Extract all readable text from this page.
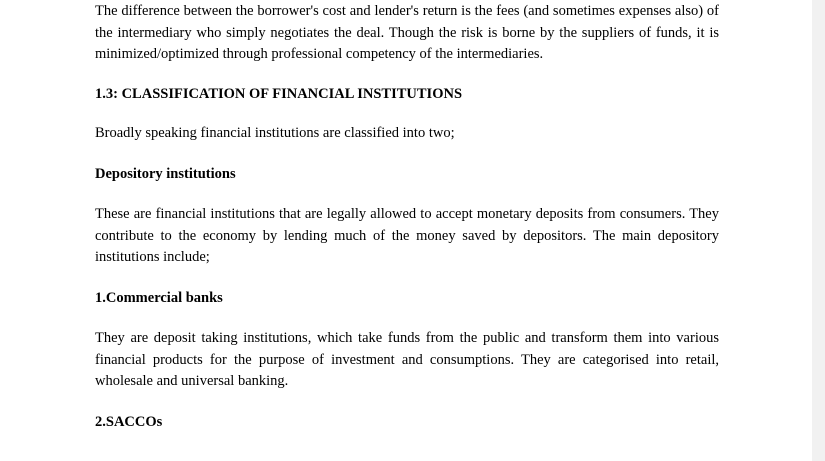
The difference between the borrower's cost and lender's return is the fees (and sometimes expenses also) of the intermediary who simply negotiates the deal. Though the risk is borne by the suppliers of funds, it is minimized/optimized through professional competency of the intermediaries.

1.3: CLASSIFICATION OF FINANCIAL INSTITUTIONS

Broadly speaking financial institutions are classified into two;

Depository institutions

These are financial institutions that are legally allowed to accept monetary deposits from consumers. They contribute to the economy by lending much of the money saved by depositors. The main depository institutions include;

1.Commercial banks

They are deposit taking institutions, which take funds from the public and transform them into various financial products for the purpose of investment and consumptions. They are categorised into retail, wholesale and universal banking.

2.SACCOs
